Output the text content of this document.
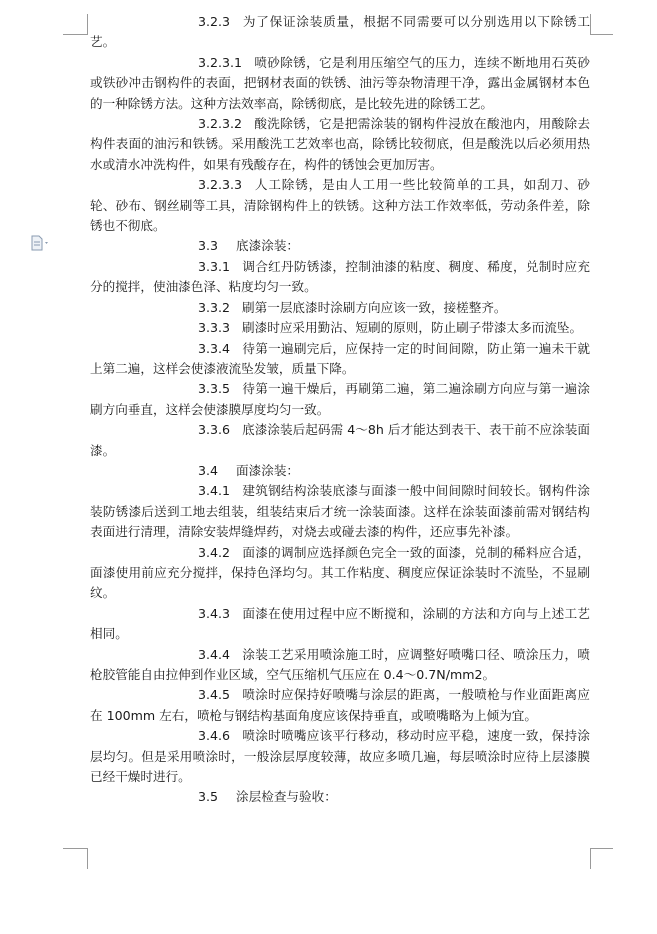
3.2.3 为了保证涂装质量，根据不同需要可以分别选用以下除锈工艺。

3.2.3.1 喷砂除锈，它是利用压缩空气的压力，连续不断地用石英砂或铁砂冲击钢构件的表面，把钢材表面的铁锈、油污等杂物清理干净，露出金属钢材本色的一种除锈方法。这种方法效率高，除锈彻底，是比较先进的除锈工艺。

3.2.3.2 酸洗除锈，它是把需涂装的钢构件浸放在酸池内，用酸除去构件表面的油污和铁锈。采用酸洗工艺效率也高，除锈比较彻底，但是酸洗以后必须用热水或清水冲洗构件，如果有残酸存在，构件的锈蚀会更加厉害。

3.2.3.3 人工除锈，是由人工用一些比较简单的工具，如刮刀、砂轮、砂布、钢丝刷等工具，清除钢构件上的铁锈。这种方法工作效率低，劳动条件差，除锈也不彻底。

3.3 底漆涂装：

3.3.1 调合红丹防锈漆，控制油漆的粘度、稠度、稀度，兑制时应充分的搅拌，使油漆色泽、粘度均匀一致。

3.3.2 刷第一层底漆时涂刷方向应该一致，接槎整齐。

3.3.3 刷漆时应采用勤沾、短刷的原则，防止刷子带漆太多而流坠。

3.3.4 待第一遍刷完后，应保持一定的时间间隙，防止第一遍未干就上第二遍，这样会使漆液流坠发皱，质量下降。

3.3.5 待第一遍干燥后，再刷第二遍，第二遍涂刷方向应与第一遍涂刷方向垂直，这样会使漆膜厚度均匀一致。

3.3.6 底漆涂装后起码需 4～8h 后才能达到表干、表干前不应涂装面漆。

3.4 面漆涂装：

3.4.1 建筑钢结构涂装底漆与面漆一般中间间隙时间较长。钢构件涂装防锈漆后送到工地去组装，组装结束后才统一涂装面漆。这样在涂装面漆前需对钢结构表面进行清理，清除安装焊缝焊药，对烧去或碰去漆的构件，还应事先补漆。

3.4.2 面漆的调制应选择颜色完全一致的面漆，兑制的稀料应合适，面漆使用前应充分搅拌，保持色泽均匀。其工作粘度、稠度应保证涂装时不流坠，不显刷纹。

3.4.3 面漆在使用过程中应不断搅和，涂刷的方法和方向与上述工艺相同。

3.4.4 涂装工艺采用喷涂施工时，应调整好喷嘴口径、喷涂压力，喷枪胶管能自由拉伸到作业区域，空气压缩机气压应在 0.4～0.7N/mm2。

3.4.5 喷涂时应保持好喷嘴与涂层的距离，一般喷枪与作业面距离应在 100mm 左右，喷枪与钢结构基面角度应该保持垂直，或喷嘴略为上倾为宜。

3.4.6 喷涂时喷嘴应该平行移动，移动时应平稳，速度一致，保持涂层均匀。但是采用喷涂时，一般涂层厚度较薄，故应多喷几遍，每层喷涂时应待上层漆膜已经干燥时进行。

3.5 涂层检查与验收：
